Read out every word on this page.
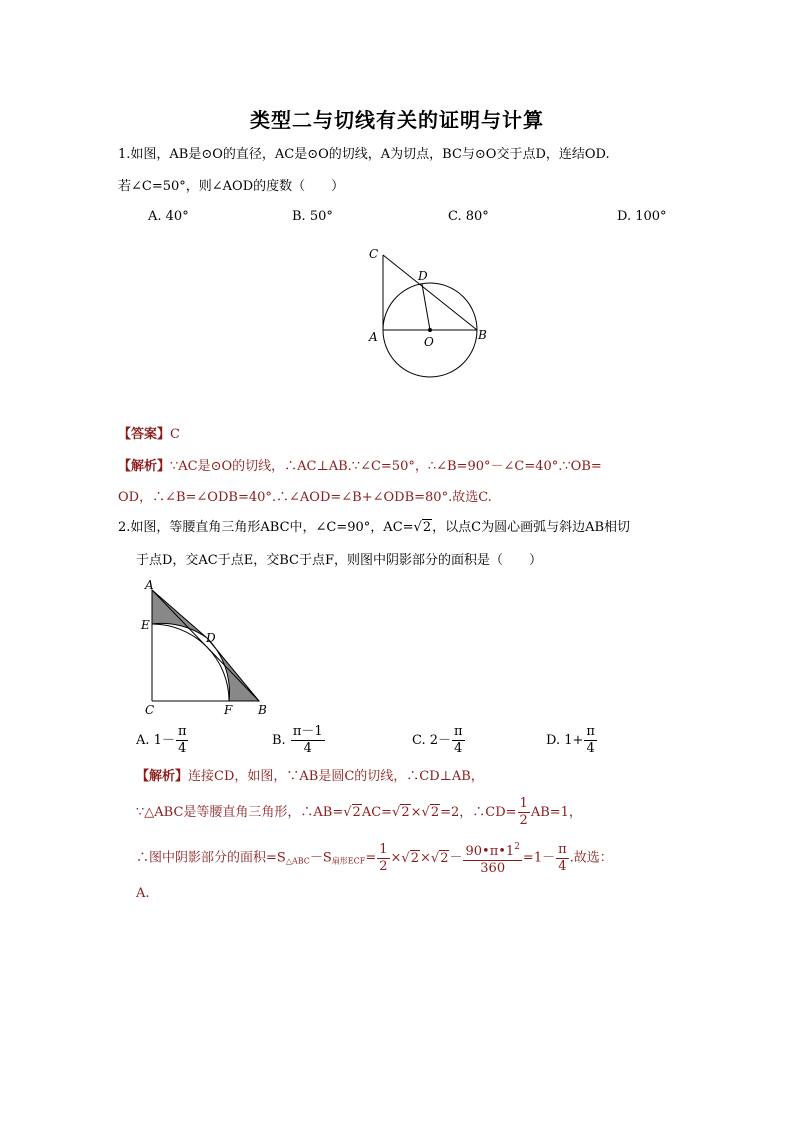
类型二与切线有关的证明与计算
1.如图，AB是⊙O的直径，AC是⊙O的切线，A为切点，BC与⊙O交于点D，连结OD.
若∠C=50°，则∠AOD的度数（　　）
A. 40°	B. 50°	C. 80°	D. 100°
C
D
A	O	B
【答案】C
【解析】∵AC是⊙O的切线，∴AC⊥AB.∵∠C=50°，∴∠B=90°－∠C=40°.∵OB=
OD，∴∠B=∠ODB=40°.∴∠AOD=∠B+∠ODB=80°.故选C.
2.如图，等腰直角三角形ABC中，∠C=90°，AC=√2，以点C为圆心画弧与斜边AB相切
于点D，交AC于点E，交BC于点F，则图中阴影部分的面积是（　　）
A
E
D
C	F B
A. $1- \frac{\pi}{4}$	B. $\frac{\pi-1}{4}$	C. $2- \frac{\pi}{4}$	D. $1+ \frac{\pi}{4}$
【解析】连接CD，如图，∵AB是圆C的切线，∴CD⊥AB，
∵△ABC是等腰直角三角形，∴AB=√2AC=√2×√2=2，∴CD= $\frac{1}{2} AB=1$，
∴图中阴影部分的面积$=S_{\triangle ABC}-S_{扇形ECF}= \frac{1}{2} \times√2\times√2- \frac{90•\pi•1^2}{360} =1- \frac{\pi}{4}$ .故选：
A.
